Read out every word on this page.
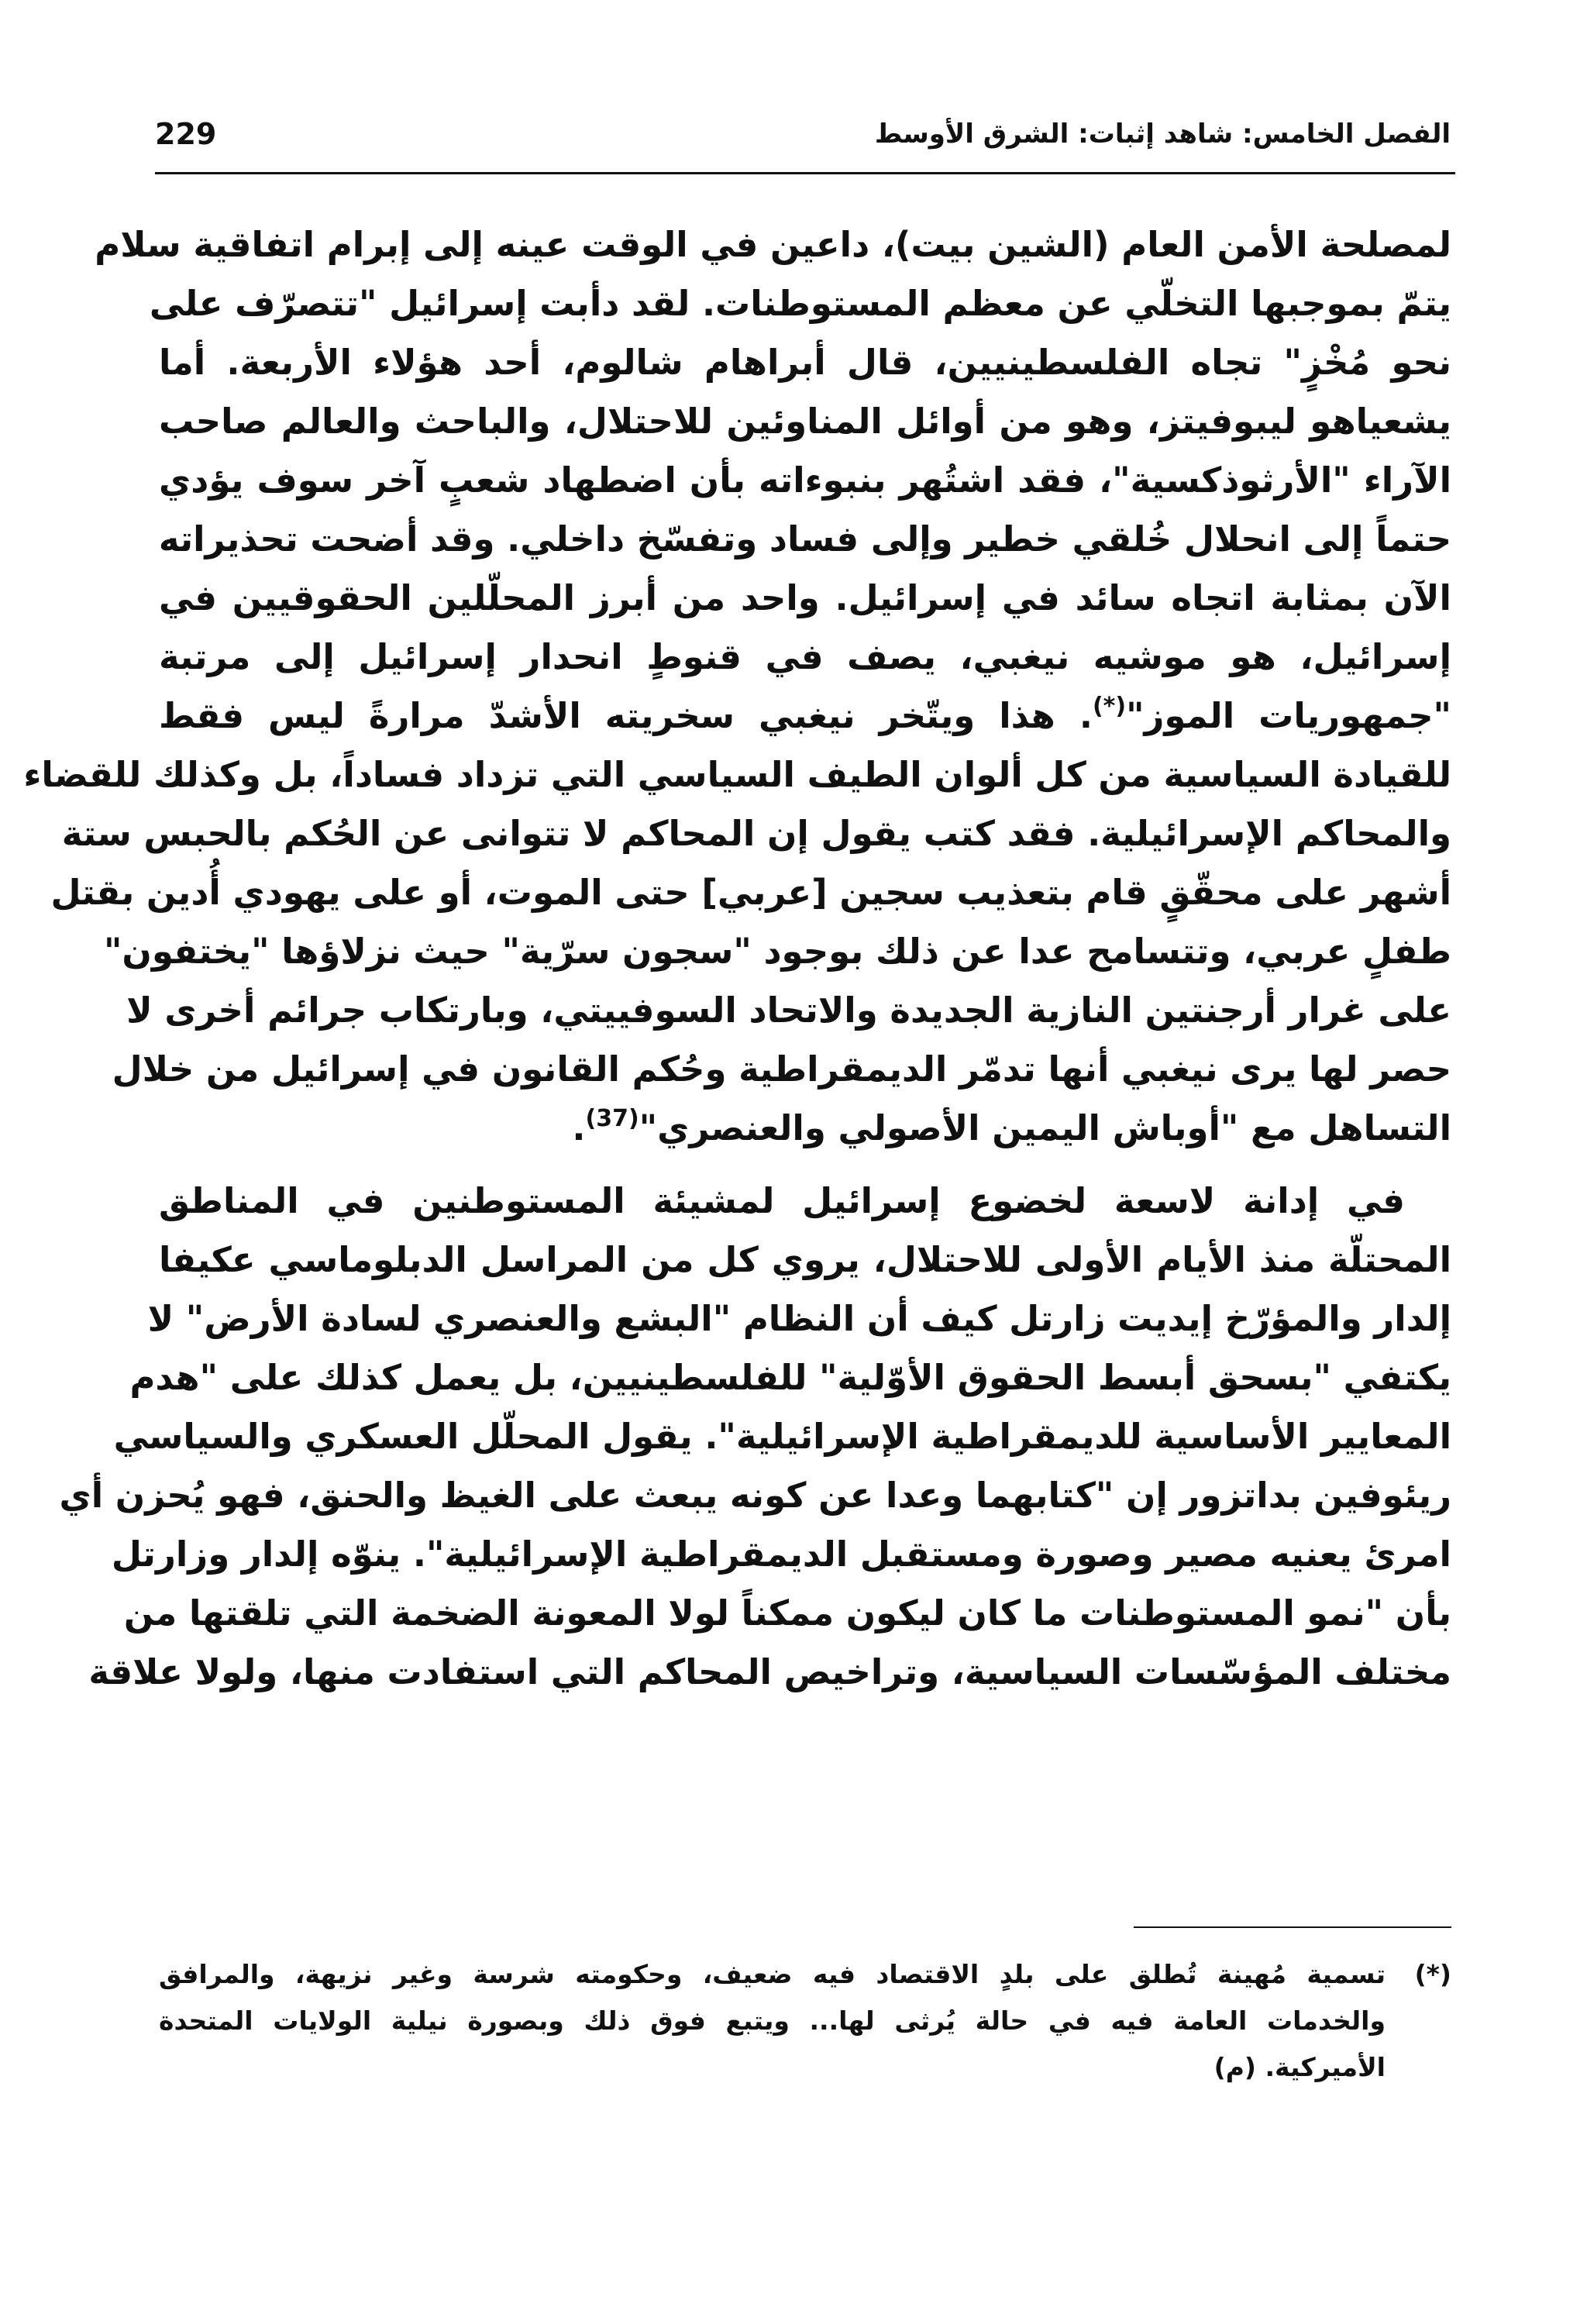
229	الفصل الخامس: شاهد إثبات: الشرق الأوسط
لمصلحة الأمن العام (الشين بيت)، داعين في الوقت عينه إلى إبرام اتفاقية سلام
يتمّ بموجبها التخلّي عن معظم المستوطنات. لقد دأبت إسرائيل "تتصرّف على
نحو مُخْزٍ" تجاه الفلسطينيين، قال أبراهام شالوم، أحد هؤلاء الأربعة. أما
يشعياهو ليبوفيتز، وهو من أوائل المناوئين للاحتلال، والباحث والعالم صاحب
الآراء "الأرثوذكسية"، فقد اشتُهر بنبوءاته بأن اضطهاد شعبٍ آخر سوف يؤدي
حتماً إلى انحلال خُلقي خطير وإلى فساد وتفسّخ داخلي. وقد أضحت تحذيراته
الآن بمثابة اتجاه سائد في إسرائيل. واحد من أبرز المحلّلين الحقوقيين في
إسرائيل، هو موشيه نيغبي، يصف في قنوطٍ انحدار إسرائيل إلى مرتبة
"جمهوريات الموز"(*). هذا ويتّخر نيغبي سخريته الأشدّ مرارةً ليس فقط
للقيادة السياسية من كل ألوان الطيف السياسي التي تزداد فساداً، بل وكذلك للقضاء
والمحاكم الإسرائيلية. فقد كتب يقول إن المحاكم لا تتوانى عن الحُكم بالحبس ستة
أشهر على محقّقٍ قام بتعذيب سجين [عربي] حتى الموت، أو على يهودي أُدين بقتل
طفلٍ عربي، وتتسامح عدا عن ذلك بوجود "سجون سرّية" حيث نزلاؤها "يختفون"
على غرار أرجنتين النازية الجديدة والاتحاد السوفييتي، وبارتكاب جرائم أخرى لا
حصر لها يرى نيغبي أنها تدمّر الديمقراطية وحُكم القانون في إسرائيل من خلال
التساهل مع "أوباش اليمين الأصولي والعنصري"$^{(37)}$.
في إدانة لاسعة لخضوع إسرائيل لمشيئة المستوطنين في المناطق
المحتلّة منذ الأيام الأولى للاحتلال، يروي كل من المراسل الدبلوماسي عكيفا
إلدار والمؤرّخ إيديت زارتل كيف أن النظام "البشع والعنصري لسادة الأرض" لا
يكتفي "بسحق أبسط الحقوق الأوّلية" للفلسطينيين، بل يعمل كذلك على "هدم
المعايير الأساسية للديمقراطية الإسرائيلية". يقول المحلّل العسكري والسياسي
ريئوفين بداتزور إن "كتابهما وعدا عن كونه يبعث على الغيظ والحنق، فهو يُحزن أي
امرئ يعنيه مصير وصورة ومستقبل الديمقراطية الإسرائيلية". ينوّه إلدار وزارتل
بأن "نمو المستوطنات ما كان ليكون ممكناً لولا المعونة الضخمة التي تلقتها من
مختلف المؤسّسات السياسية، وتراخيص المحاكم التي استفادت منها، ولولا علاقة
(*)
تسمية مُهينة تُطلق على بلدٍ الاقتصاد فيه ضعيف، وحكومته شرسة وغير نزيهة، والمرافق
والخدمات العامة فيه في حالة يُرثى لها... ويتبع فوق ذلك وبصورة نيلية الولايات المتحدة
الأميركية. (م)
